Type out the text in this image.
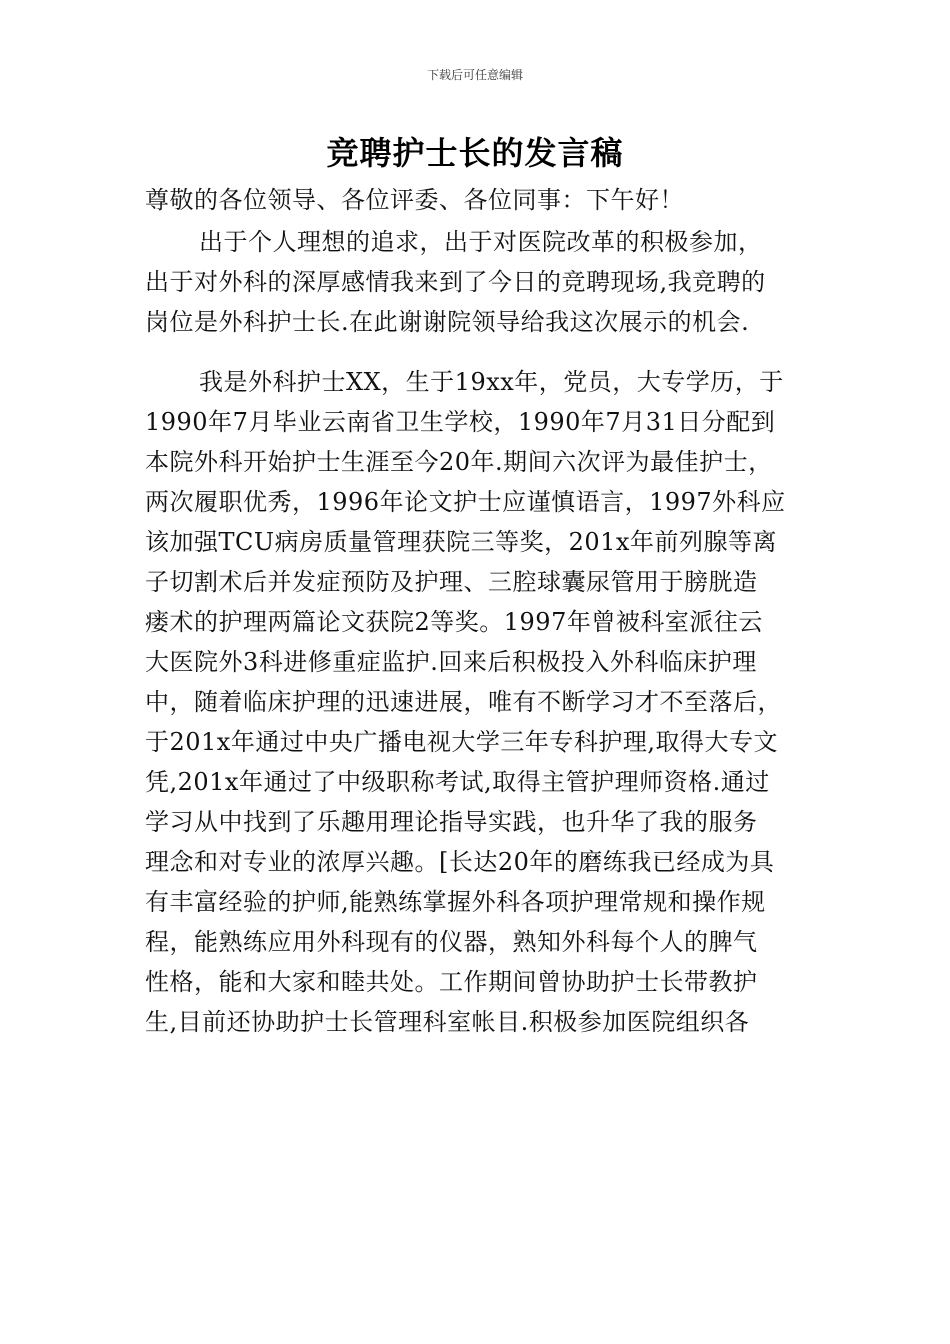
下载后可任意编辑
竞聘护士长的发言稿
尊敬的各位领导、各位评委、各位同事：下午好！
出于个人理想的追求，出于对医院改革的积极参加，
出于对外科的深厚感情我来到了今日的竞聘现场,我竞聘的
岗位是外科护士长.在此谢谢院领导给我这次展示的机会.
我是外科护士XX，生于19xx年，党员，大专学历，于
1990年7月毕业云南省卫生学校，1990年7月31日分配到
本院外科开始护士生涯至今20年.期间六次评为最佳护士，
两次履职优秀，1996年论文护士应谨慎语言，1997外科应
该加强TCU病房质量管理获院三等奖，201x年前列腺等离
子切割术后并发症预防及护理、三腔球囊尿管用于膀胱造
瘘术的护理两篇论文获院2等奖。1997年曾被科室派往云
大医院外3科进修重症监护.回来后积极投入外科临床护理
中，随着临床护理的迅速进展，唯有不断学习才不至落后，
于201x年通过中央广播电视大学三年专科护理,取得大专文
凭,201x年通过了中级职称考试,取得主管护理师资格.通过
学习从中找到了乐趣用理论指导实践，也升华了我的服务
理念和对专业的浓厚兴趣。[长达20年的磨练我已经成为具
有丰富经验的护师,能熟练掌握外科各项护理常规和操作规
程，能熟练应用外科现有的仪器，熟知外科每个人的脾气
性格，能和大家和睦共处。工作期间曾协助护士长带教护
生,目前还协助护士长管理科室帐目.积极参加医院组织各
